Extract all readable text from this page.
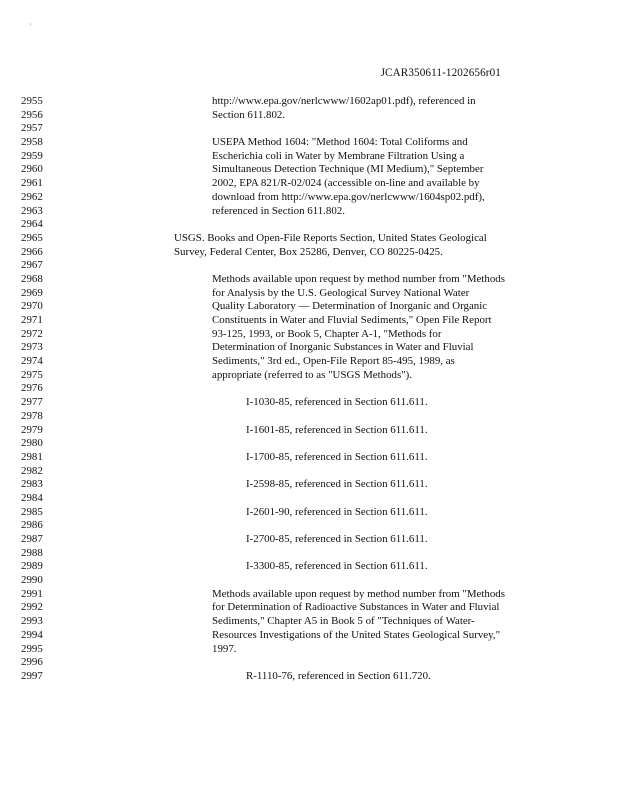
'
JCAR350611-1202656r01
2955	http://www.epa.gov/nerlcwww/1602ap01.pdf), referenced in
2956	Section 611.802.
2957
2958	USEPA Method 1604: "Method 1604: Total Coliforms and
2959	Escherichia coli in Water by Membrane Filtration Using a
2960	Simultaneous Detection Technique (MI Medium)," September
2961	2002, EPA 821/R-02/024 (accessible on-line and available by
2962	download from http://www.epa.gov/nerlcwww/1604sp02.pdf),
2963	referenced in Section 611.802.
2964
2965	USGS. Books and Open-File Reports Section, United States Geological
2966	Survey, Federal Center, Box 25286, Denver, CO 80225-0425.
2967
2968	Methods available upon request by method number from "Methods
2969	for Analysis by the U.S. Geological Survey National Water
2970	Quality Laboratory — Determination of Inorganic and Organic
2971	Constituents in Water and Fluvial Sediments," Open File Report
2972	93-125, 1993, or Book 5, Chapter A-1, "Methods for
2973	Determination of Inorganic Substances in Water and Fluvial
2974	Sediments," 3rd ed., Open-File Report 85-495, 1989, as
2975	appropriate (referred to as "USGS Methods").
2976
2977	I-1030-85, referenced in Section 611.611.
2978
2979	I-1601-85, referenced in Section 611.611.
2980
2981	I-1700-85, referenced in Section 611.611.
2982
2983	I-2598-85, referenced in Section 611.611.
2984
2985	I-2601-90, referenced in Section 611.611.
2986
2987	I-2700-85, referenced in Section 611.611.
2988
2989	I-3300-85, referenced in Section 611.611.
2990
2991	Methods available upon request by method number from "Methods
2992	for Determination of Radioactive Substances in Water and Fluvial
2993	Sediments," Chapter A5 in Book 5 of "Techniques of Water-
2994	Resources Investigations of the United States Geological Survey,"
2995	1997.
2996
2997	R-1110-76, referenced in Section 611.720.
